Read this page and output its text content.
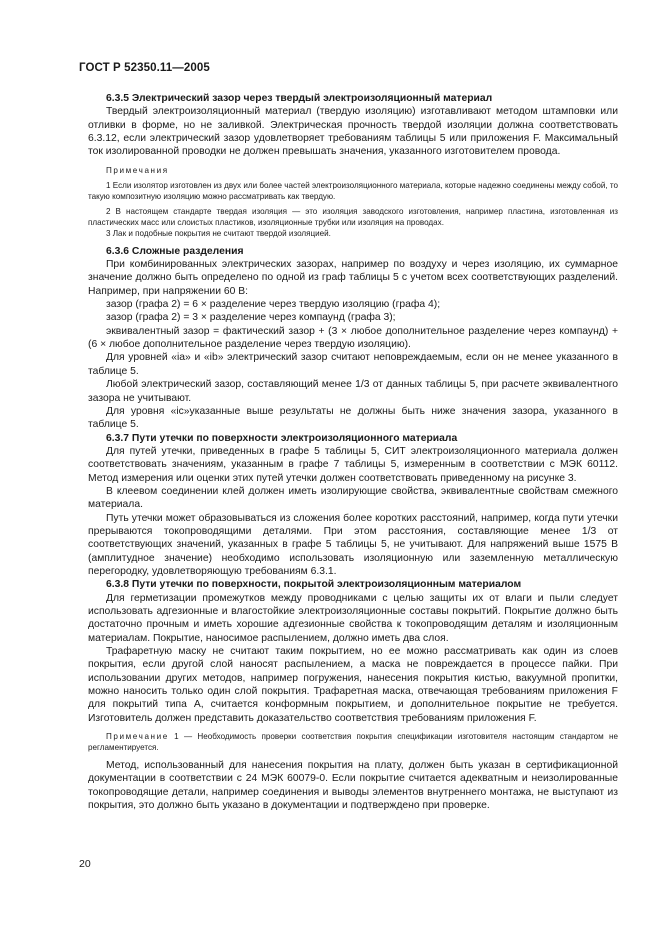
ГОСТ Р 52350.11—2005
6.3.5 Электрический зазор через твердый электроизоляционный материал

Твердый электроизоляционный материал (твердую изоляцию) изготавливают методом штамповки или отливки в форме, но не заливкой. Электрическая прочность твердой изоляции должна соответствовать 6.3.12, если электрический зазор удовлетворяет требованиям таблицы 5 или приложения F. Максимальный ток изолированной проводки не должен превышать значения, указанного изготовителем провода.

Примечания

1 Если изолятор изготовлен из двух или более частей электроизоляционного материала, которые надежно соединены между собой, то такую композитную изоляцию можно рассматривать как твердую.

2 В настоящем стандарте твердая изоляция — это изоляция заводского изготовления, например пластина, изготовленная из пластических масс или слоистых пластиков, изоляционные трубки или изоляция на проводах.

3 Лак и подобные покрытия не считают твердой изоляцией.

6.3.6 Сложные разделения

При комбинированных электрических зазорах, например по воздуху и через изоляцию, их суммарное значение должно быть определено по одной из граф таблицы 5 с учетом всех соответствующих разделений. Например, при напряжении 60 В:

зазор (графа 2) = 6 × разделение через твердую изоляцию (графа 4);

зазор (графа 2) = 3 × разделение через компаунд (графа 3);

эквивалентный зазор = фактический зазор + (3 × любое дополнительное разделение через компаунд) + (6 × любое дополнительное разделение через твердую изоляцию).

Для уровней «ia» и «ib» электрический зазор считают неповреждаемым, если он не менее указанного в таблице 5.

Любой электрический зазор, составляющий менее 1/3 от данных таблицы 5, при расчете эквивалентного зазора не учитывают.

Для уровня «ic»указанные выше результаты не должны быть ниже значения зазора, указанного в таблице 5.

6.3.7 Пути утечки по поверхности электроизоляционного материала

Для путей утечки, приведенных в графе 5 таблицы 5, СИТ электроизоляционного материала должен соответствовать значениям, указанным в графе 7 таблицы 5, измеренным в соответствии с МЭК 60112. Метод измерения или оценки этих путей утечки должен соответствовать приведенному на рисунке 3.

В клеевом соединении клей должен иметь изолирующие свойства, эквивалентные свойствам смежного материала.

Путь утечки может образовываться из сложения более коротких расстояний, например, когда пути утечки прерываются токопроводящими деталями. При этом расстояния, составляющие менее 1/3 от соответствующих значений, указанных в графе 5 таблицы 5, не учитывают. Для напряжений выше 1575 В (амплитудное значение) необходимо использовать изоляционную или заземленную металлическую перегородку, удовлетворяющую требованиям 6.3.1.

6.3.8 Пути утечки по поверхности, покрытой электроизоляционным материалом

Для герметизации промежутков между проводниками с целью защиты их от влаги и пыли следует использовать адгезионные и влагостойкие электроизоляционные составы покрытий. Покрытие должно быть достаточно прочным и иметь хорошие адгезионные свойства к токопроводящим деталям и изоляционным материалам. Покрытие, наносимое распылением, должно иметь два слоя.

Трафаретную маску не считают таким покрытием, но ее можно рассматривать как один из слоев покрытия, если другой слой наносят распылением, а маска не повреждается в процессе пайки. При использовании других методов, например погружения, нанесения покрытия кистью, вакуумной пропитки, можно наносить только один слой покрытия. Трафаретная маска, отвечающая требованиям приложения F для покрытий типа А, считается конформным покрытием, и дополнительное покрытие не требуется. Изготовитель должен представить доказательство соответствия требованиям приложения F.

Примечание 1 — Необходимость проверки соответствия покрытия спецификации изготовителя настоящим стандартом не регламентируется.

Метод, использованный для нанесения покрытия на плату, должен быть указан в сертификационной документации в соответствии с 24 МЭК 60079-0. Если покрытие считается адекватным и неизолированные токопроводящие детали, например соединения и выводы элементов внутреннего монтажа, не выступают из покрытия, это должно быть указано в документации и подтверждено при проверке.

20
